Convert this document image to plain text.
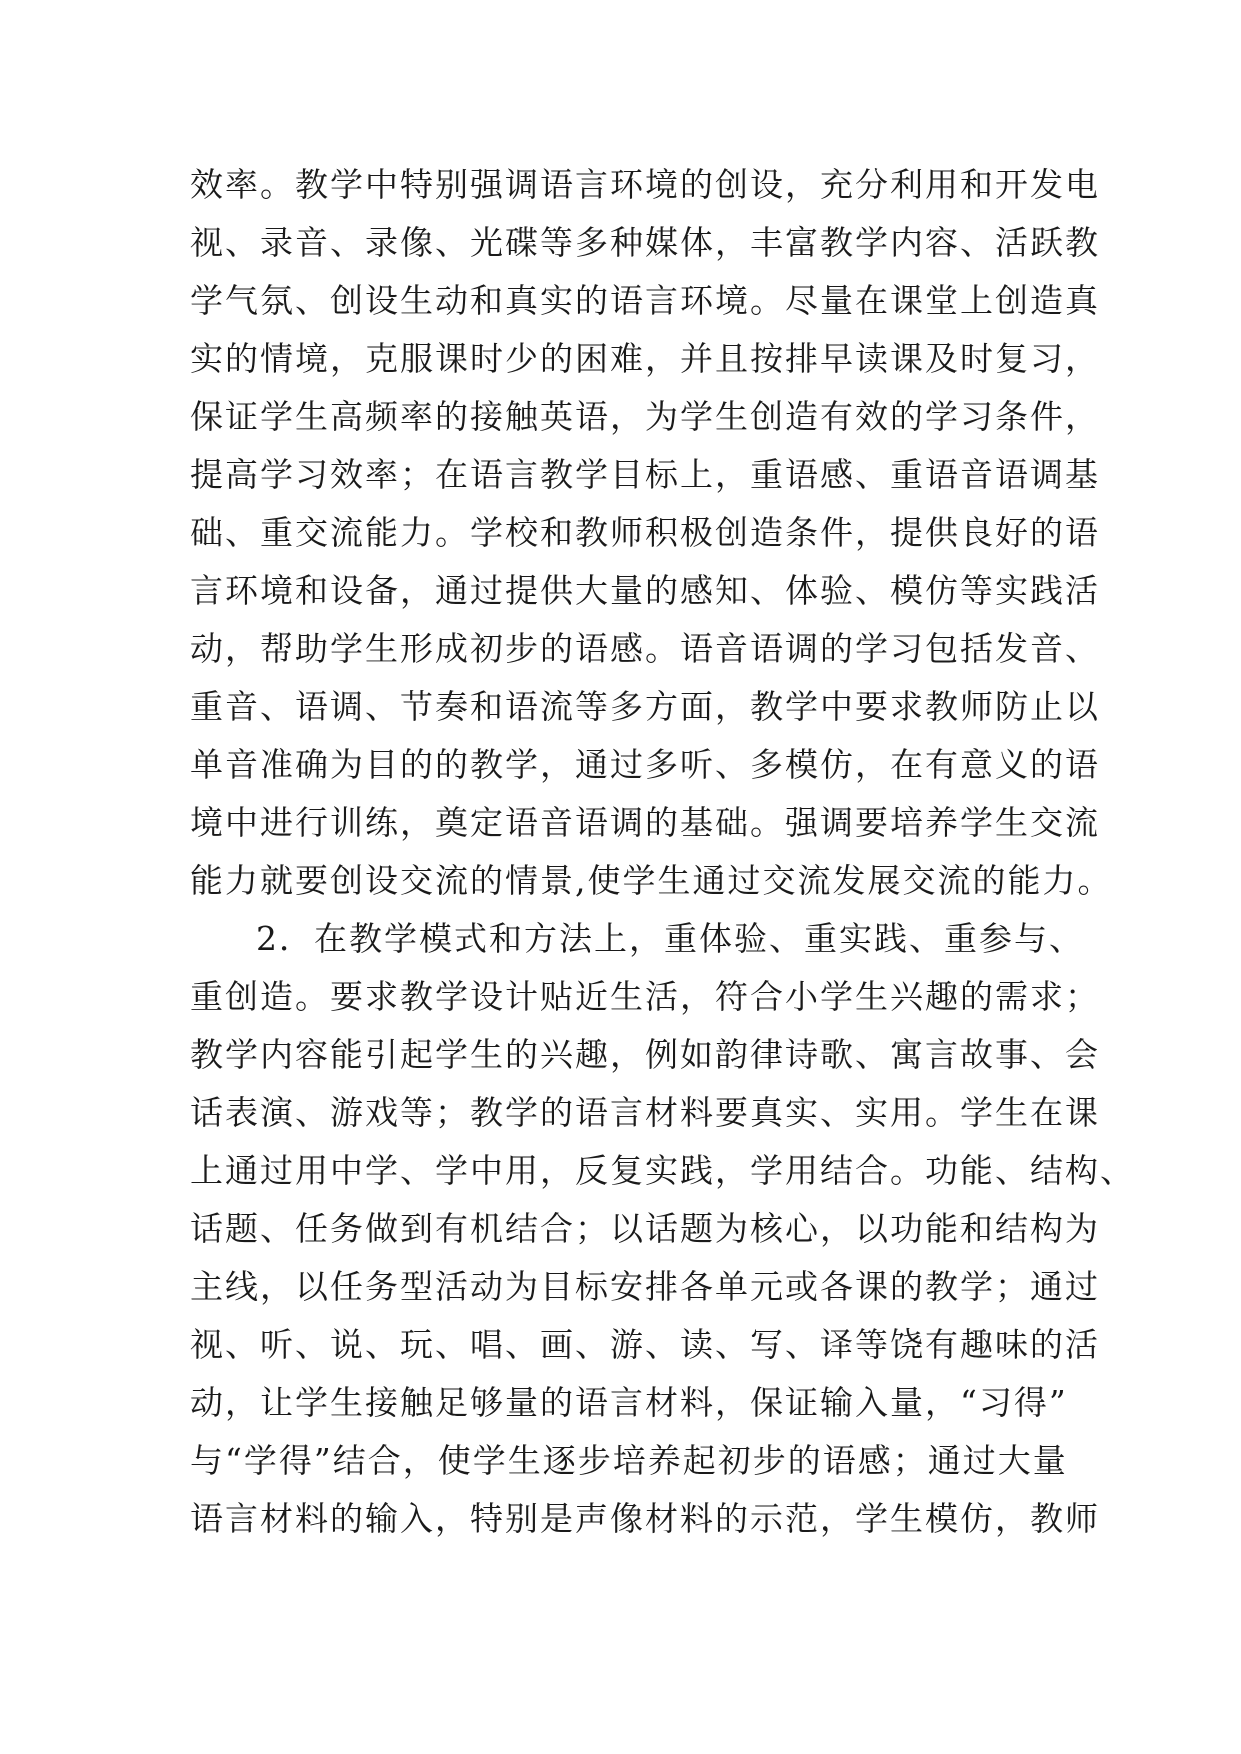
效率。教学中特别强调语言环境的创设，充分利用和开发电
视、录音、录像、光碟等多种媒体，丰富教学内容、活跃教
学气氛、创设生动和真实的语言环境。尽量在课堂上创造真
实的情境，克服课时少的困难，并且按排早读课及时复习，
保证学生高频率的接触英语，为学生创造有效的学习条件，
提高学习效率；在语言教学目标上，重语感、重语音语调基
础、重交流能力。学校和教师积极创造条件，提供良好的语
言环境和设备，通过提供大量的感知、体验、模仿等实践活
动，帮助学生形成初步的语感。语音语调的学习包括发音、
重音、语调、节奏和语流等多方面，教学中要求教师防止以
单音准确为目的的教学，通过多听、多模仿，在有意义的语
境中进行训练，奠定语音语调的基础。强调要培养学生交流
能力就要创设交流的情景,使学生通过交流发展交流的能力。
2．在教学模式和方法上，重体验、重实践、重参与、
重创造。要求教学设计贴近生活，符合小学生兴趣的需求；
教学内容能引起学生的兴趣，例如韵律诗歌、寓言故事、会
话表演、游戏等；教学的语言材料要真实、实用。学生在课
上通过用中学、学中用，反复实践，学用结合。功能、结构、
话题、任务做到有机结合；以话题为核心，以功能和结构为
主线，以任务型活动为目标安排各单元或各课的教学；通过
视、听、说、玩、唱、画、游、读、写、译等饶有趣味的活
动，让学生接触足够量的语言材料，保证输入量，“习得”
与“学得”结合，使学生逐步培养起初步的语感；通过大量
语言材料的输入，特别是声像材料的示范，学生模仿，教师
